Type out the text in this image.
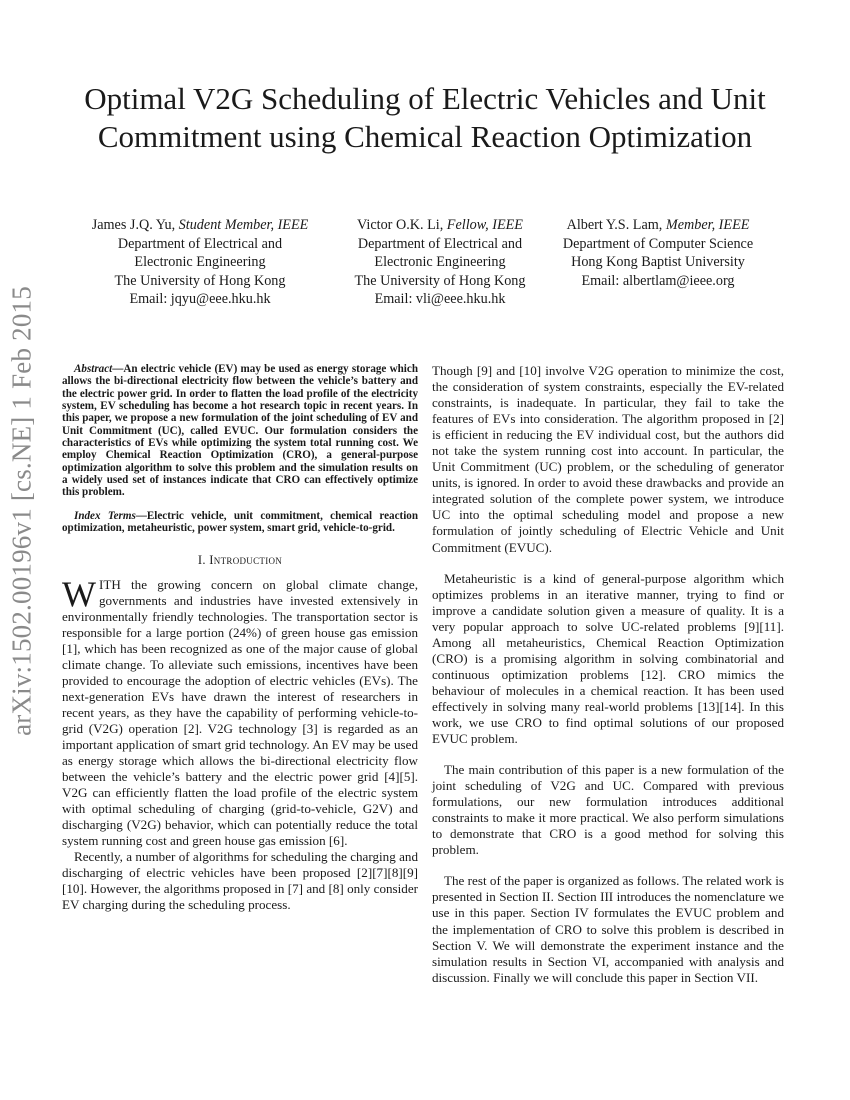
arXiv:1502.00196v1 [cs.NE] 1 Feb 2015
Optimal V2G Scheduling of Electric Vehicles and Unit Commitment using Chemical Reaction Optimization
James J.Q. Yu, Student Member, IEEE
Department of Electrical and
Electronic Engineering
The University of Hong Kong
Email: jqyu@eee.hku.hk
Victor O.K. Li, Fellow, IEEE
Department of Electrical and
Electronic Engineering
The University of Hong Kong
Email: vli@eee.hku.hk
Albert Y.S. Lam, Member, IEEE
Department of Computer Science
Hong Kong Baptist University
Email: albertlam@ieee.org

Abstract—An electric vehicle (EV) may be used as energy storage which allows the bi-directional electricity flow between the vehicle’s battery and the electric power grid. In order to flatten the load profile of the electricity system, EV scheduling has become a hot research topic in recent years. In this paper, we propose a new formulation of the joint scheduling of EV and Unit Commitment (UC), called EVUC. Our formulation considers the characteristics of EVs while optimizing the system total running cost. We employ Chemical Reaction Optimization (CRO), a general-purpose optimization algorithm to solve this problem and the simulation results on a widely used set of instances indicate that CRO can effectively optimize this problem.

Index Terms—Electric vehicle, unit commitment, chemical reaction optimization, metaheuristic, power system, smart grid, vehicle-to-grid.

I. Introduction

WITH the growing concern on global climate change, governments and industries have invested extensively in environmentally friendly technologies. The transportation sector is responsible for a large portion (24%) of green house gas emission [1], which has been recognized as one of the major cause of global climate change. To alleviate such emissions, incentives have been provided to encourage the adoption of electric vehicles (EVs). The next-generation EVs have drawn the interest of researchers in recent years, as they have the capability of performing vehicle-to-grid (V2G) operation [2]. V2G technology [3] is regarded as an important application of smart grid technology. An EV may be used as energy storage which allows the bi-directional electricity flow between the vehicle’s battery and the electric power grid [4][5]. V2G can efficiently flatten the load profile of the electric system with optimal scheduling of charging (grid-to-vehicle, G2V) and discharging (V2G) behavior, which can potentially reduce the total system running cost and green house gas emission [6].

Recently, a number of algorithms for scheduling the charging and discharging of electric vehicles have been proposed [2][7][8][9][10]. However, the algorithms proposed in [7] and [8] only consider EV charging during the scheduling process.

Though [9] and [10] involve V2G operation to minimize the cost, the consideration of system constraints, especially the EV-related constraints, is inadequate. In particular, they fail to take the features of EVs into consideration. The algorithm proposed in [2] is efficient in reducing the EV individual cost, but the authors did not take the system running cost into account. In particular, the Unit Commitment (UC) problem, or the scheduling of generator units, is ignored. In order to avoid these drawbacks and provide an integrated solution of the complete power system, we introduce UC into the optimal scheduling model and propose a new formulation of jointly scheduling of Electric Vehicle and Unit Commitment (EVUC).

Metaheuristic is a kind of general-purpose algorithm which optimizes problems in an iterative manner, trying to find or improve a candidate solution given a measure of quality. It is a very popular approach to solve UC-related problems [9][11]. Among all metaheuristics, Chemical Reaction Optimization (CRO) is a promising algorithm in solving combinatorial and continuous optimization problems [12]. CRO mimics the behaviour of molecules in a chemical reaction. It has been used effectively in solving many real-world problems [13][14]. In this work, we use CRO to find optimal solutions of our proposed EVUC problem.

The main contribution of this paper is a new formulation of the joint scheduling of V2G and UC. Compared with previous formulations, our new formulation introduces additional constraints to make it more practical. We also perform simulations to demonstrate that CRO is a good method for solving this problem.

The rest of the paper is organized as follows. The related work is presented in Section II. Section III introduces the nomenclature we use in this paper. Section IV formulates the EVUC problem and the implementation of CRO to solve this problem is described in Section V. We will demonstrate the experiment instance and the simulation results in Section VI, accompanied with analysis and discussion. Finally we will conclude this paper in Section VII.
